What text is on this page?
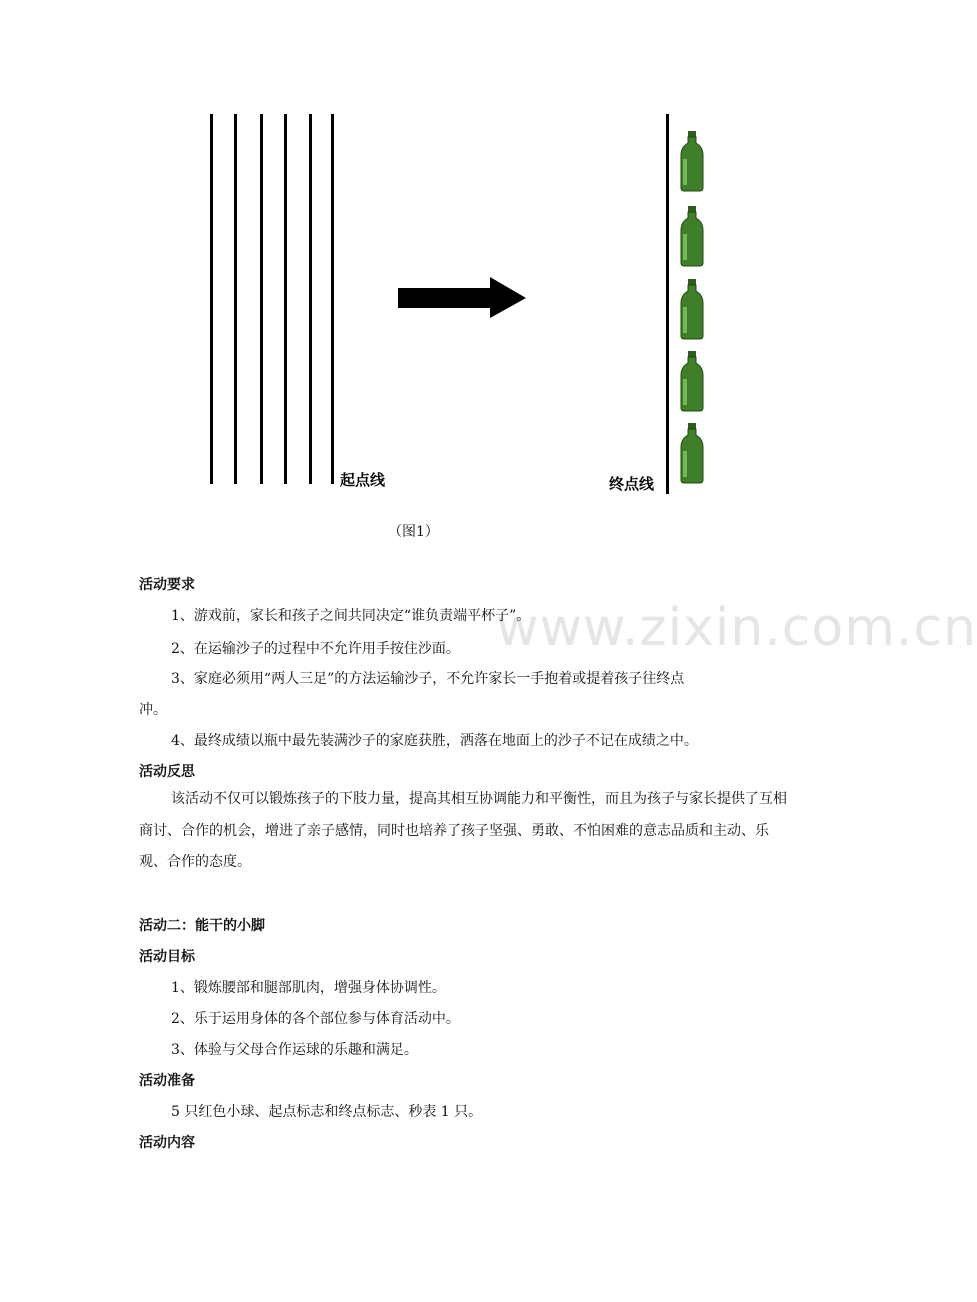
起点线	终点线
（图1）
www.zixin.com.cn
活动要求
1、游戏前，家长和孩子之间共同决定“谁负责端平杯子”。
2、在运输沙子的过程中不允许用手按住沙面。
3、家庭必须用“两人三足”的方法运输沙子，不允许家长一手抱着或提着孩子往终点
冲。
4、最终成绩以瓶中最先装满沙子的家庭获胜，洒落在地面上的沙子不记在成绩之中。
活动反思
该活动不仅可以锻炼孩子的下肢力量，提高其相互协调能力和平衡性，而且为孩子与家长提供了互相商讨、合作的机会，增进了亲子感情，同时也培养了孩子坚强、勇敢、不怕困难的意志品质和主动、乐观、合作的态度。
活动二：能干的小脚
活动目标
1、锻炼腰部和腿部肌肉，增强身体协调性。
2、乐于运用身体的各个部位参与体育活动中。
3、体验与父母合作运球的乐趣和满足。
活动准备
5 只红色小球、起点标志和终点标志、秒表 1 只。
活动内容
